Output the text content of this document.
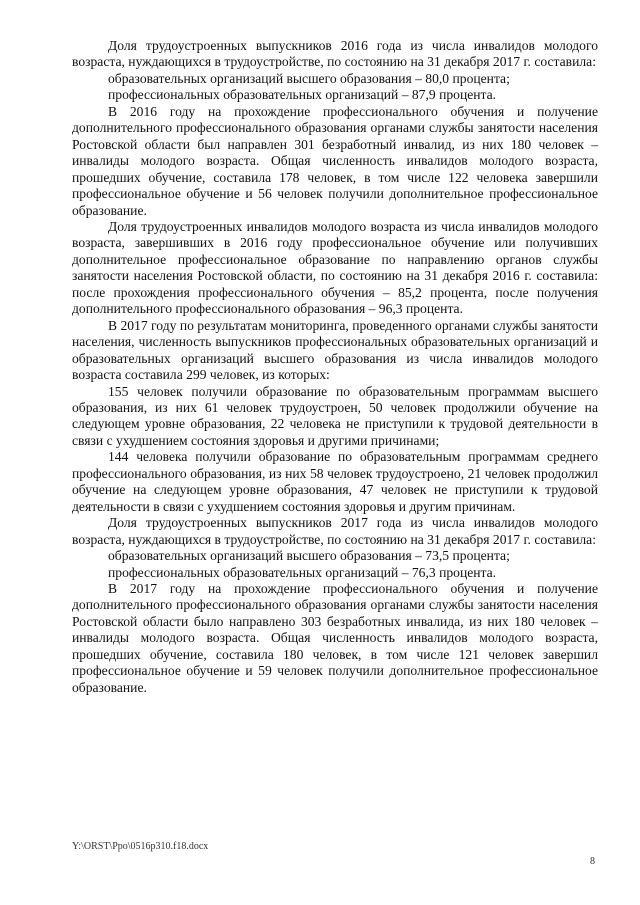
Доля трудоустроенных выпускников 2016 года из числа инвалидов молодого возраста, нуждающихся в трудоустройстве, по состоянию на 31 декабря 2017 г. составила:

образовательных организаций высшего образования – 80,0 процента;

профессиональных образовательных организаций – 87,9 процента.

В 2016 году на прохождение профессионального обучения и получение дополнительного профессионального образования органами службы занятости населения Ростовской области был направлен 301 безработный инвалид, из них 180 человек – инвалиды молодого возраста. Общая численность инвалидов молодого возраста, прошедших обучение, составила 178 человек, в том числе 122 человека завершили профессиональное обучение и 56 человек получили дополнительное профессиональное образование.

Доля трудоустроенных инвалидов молодого возраста из числа инвалидов молодого возраста, завершивших в 2016 году профессиональное обучение или получивших дополнительное профессиональное образование по направлению органов службы занятости населения Ростовской области, по состоянию на 31 декабря 2016 г. составила: после прохождения профессионального обучения – 85,2 процента, после получения дополнительного профессионального образования – 96,3 процента.

В 2017 году по результатам мониторинга, проведенного органами службы занятости населения, численность выпускников профессиональных образовательных организаций и образовательных организаций высшего образования из числа инвалидов молодого возраста составила 299 человек, из которых:

155 человек получили образование по образовательным программам высшего образования, из них 61 человек трудоустроен, 50 человек продолжили обучение на следующем уровне образования, 22 человека не приступили к трудовой деятельности в связи с ухудшением состояния здоровья и другими причинами;

144 человека получили образование по образовательным программам среднего профессионального образования, из них 58 человек трудоустроено, 21 человек продолжил обучение на следующем уровне образования, 47 человек не приступили к трудовой деятельности в связи с ухудшением состояния здоровья и другим причинам.

Доля трудоустроенных выпускников 2017 года из числа инвалидов молодого возраста, нуждающихся в трудоустройстве, по состоянию на 31 декабря 2017 г. составила:

образовательных организаций высшего образования – 73,5 процента;

профессиональных образовательных организаций – 76,3 процента.

В 2017 году на прохождение профессионального обучения и получение дополнительного профессионального образования органами службы занятости населения Ростовской области было направлено 303 безработных инвалида, из них 180 человек – инвалиды молодого возраста. Общая численность инвалидов молодого возраста, прошедших обучение, составила 180 человек, в том числе 121 человек завершил профессиональное обучение и 59 человек получили дополнительное профессиональное образование.

Y:\ORST\Ppo\0516p310.f18.docx
8
